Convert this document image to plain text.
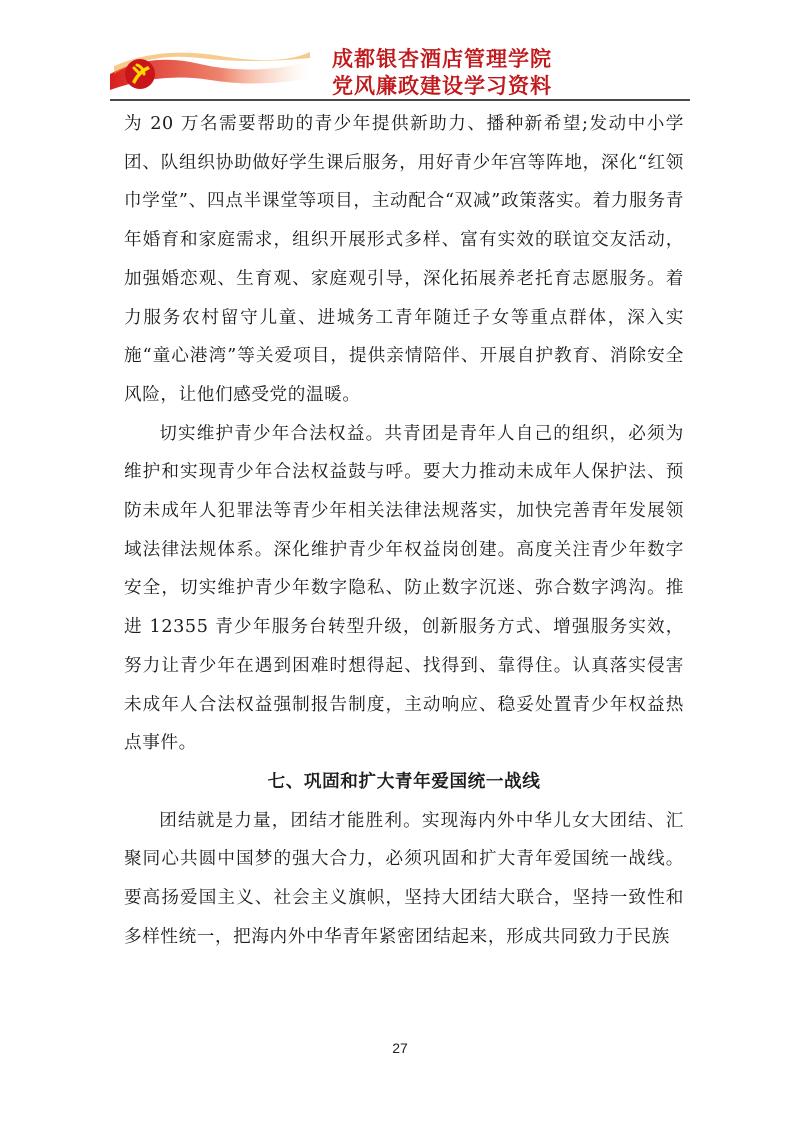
成都银杏酒店管理学院
党风廉政建设学习资料

为 20 万名需要帮助的青少年提供新助力、播种新希望;发动中小学团、队组织协助做好学生课后服务，用好青少年宫等阵地，深化“红领巾学堂”、四点半课堂等项目，主动配合“双减”政策落实。着力服务青年婚育和家庭需求，组织开展形式多样、富有实效的联谊交友活动，加强婚恋观、生育观、家庭观引导，深化拓展养老托育志愿服务。着力服务农村留守儿童、进城务工青年随迁子女等重点群体，深入实施“童心港湾”等关爱项目，提供亲情陪伴、开展自护教育、消除安全风险，让他们感受党的温暖。

切实维护青少年合法权益。共青团是青年人自己的组织，必须为维护和实现青少年合法权益鼓与呼。要大力推动未成年人保护法、预防未成年人犯罪法等青少年相关法律法规落实，加快完善青年发展领域法律法规体系。深化维护青少年权益岗创建。高度关注青少年数字安全，切实维护青少年数字隐私、防止数字沉迷、弥合数字鸿沟。推进 12355 青少年服务台转型升级，创新服务方式、增强服务实效，努力让青少年在遇到困难时想得起、找得到、靠得住。认真落实侵害未成年人合法权益强制报告制度，主动响应、稳妥处置青少年权益热点事件。

七、巩固和扩大青年爱国统一战线

团结就是力量，团结才能胜利。实现海内外中华儿女大团结、汇聚同心共圆中国梦的强大合力，必须巩固和扩大青年爱国统一战线。要高扬爱国主义、社会主义旗帜，坚持大团结大联合，坚持一致性和多样性统一，把海内外中华青年紧密团结起来，形成共同致力于民族

27
